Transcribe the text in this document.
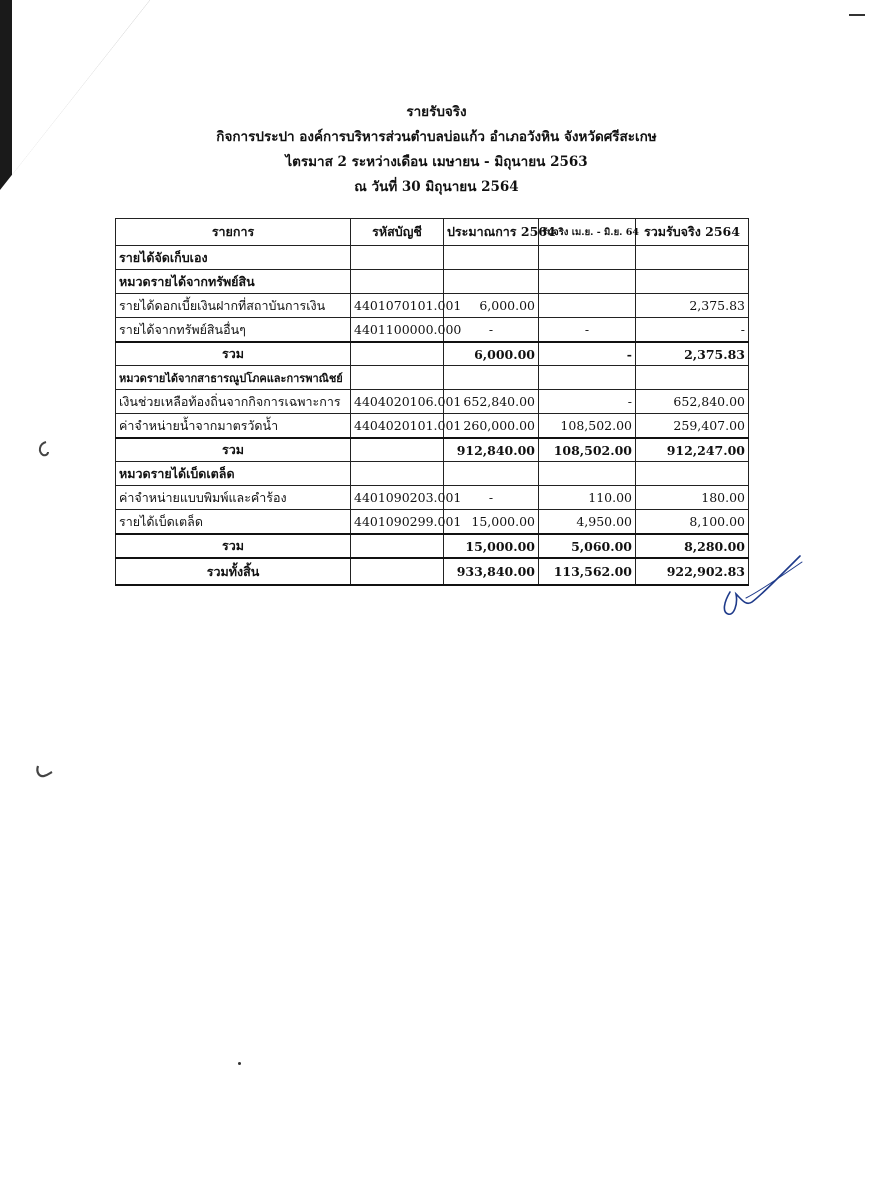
รายรับจริง
กิจการประปา องค์การบริหารส่วนตำบลบ่อแก้ว อำเภอวังหิน จังหวัดศรีสะเกษ
ไตรมาส 2 ระหว่างเดือน เมษายน - มิถุนายน 2563
ณ วันที่ 30 มิถุนายน 2564
รายการ	รหัสบัญชี	ประมาณการ 2564	รับจริง เม.ย. - มิ.ย. 64	รวมรับจริง 2564
รายได้จัดเก็บเอง				
หมวดรายได้จากทรัพย์สิน				
รายได้ดอกเบี้ยเงินฝากที่สถาบันการเงิน	4401070101.001	6,000.00		2,375.83
รายได้จากทรัพย์สินอื่นๆ	4401100000.000	-	-	-
รวม		6,000.00	-	2,375.83
หมวดรายได้จากสาธารณูปโภคและการพาณิชย์				
เงินช่วยเหลือท้องถิ่นจากกิจการเฉพาะการ	4404020106.001	652,840.00	-	652,840.00
ค่าจำหน่ายน้ำจากมาตรวัดน้ำ	4404020101.001	260,000.00	108,502.00	259,407.00
รวม		912,840.00	108,502.00	912,247.00
หมวดรายได้เบ็ดเตล็ด				
ค่าจำหน่ายแบบพิมพ์และคำร้อง	4401090203.001	-	110.00	180.00
รายได้เบ็ดเตล็ด	4401090299.001	15,000.00	4,950.00	8,100.00
รวม		15,000.00	5,060.00	8,280.00
รวมทั้งสิ้น		933,840.00	113,562.00	922,902.83
